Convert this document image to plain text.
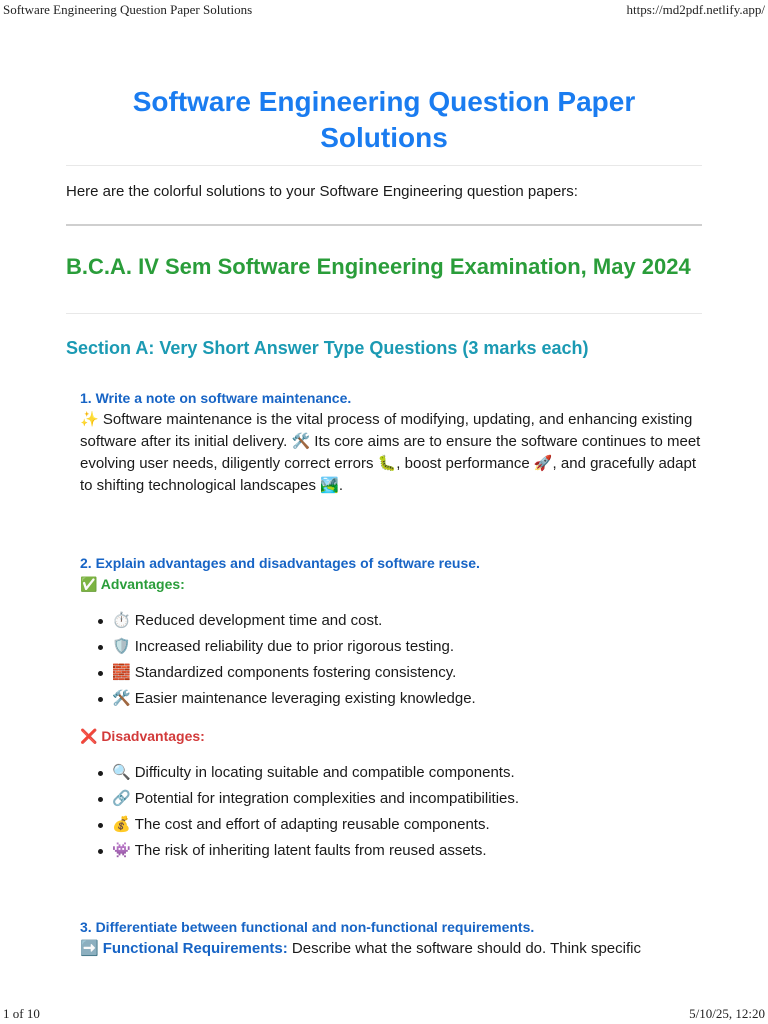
Software Engineering Question Paper Solutions	https://md2pdf.netlify.app/
Software Engineering Question Paper Solutions
Here are the colorful solutions to your Software Engineering question papers:
B.C.A. IV Sem Software Engineering Examination, May 2024
Section A: Very Short Answer Type Questions (3 marks each)

1. Write a note on software maintenance.

✨ Software maintenance is the vital process of modifying, updating, and enhancing existing software after its initial delivery. 🛠️ Its core aims are to ensure the software continues to meet evolving user needs, diligently correct errors 🐛, boost performance 🚀, and gracefully adapt to shifting technological landscapes 🏞️.

2. Explain advantages and disadvantages of software reuse.

✅ Advantages:

⏱️ Reduced development time and cost.
🛡️ Increased reliability due to prior rigorous testing.
🧱 Standardized components fostering consistency.
🛠️ Easier maintenance leveraging existing knowledge.

❌ Disadvantages:

🔍 Difficulty in locating suitable and compatible components.
🔗 Potential for integration complexities and incompatibilities.
💰 The cost and effort of adapting reusable components.
👾 The risk of inheriting latent faults from reused assets.

3. Differentiate between functional and non-functional requirements.

➡️ Functional Requirements: Describe what the software should do. Think specific

1 of 10	5/10/25, 12:20
